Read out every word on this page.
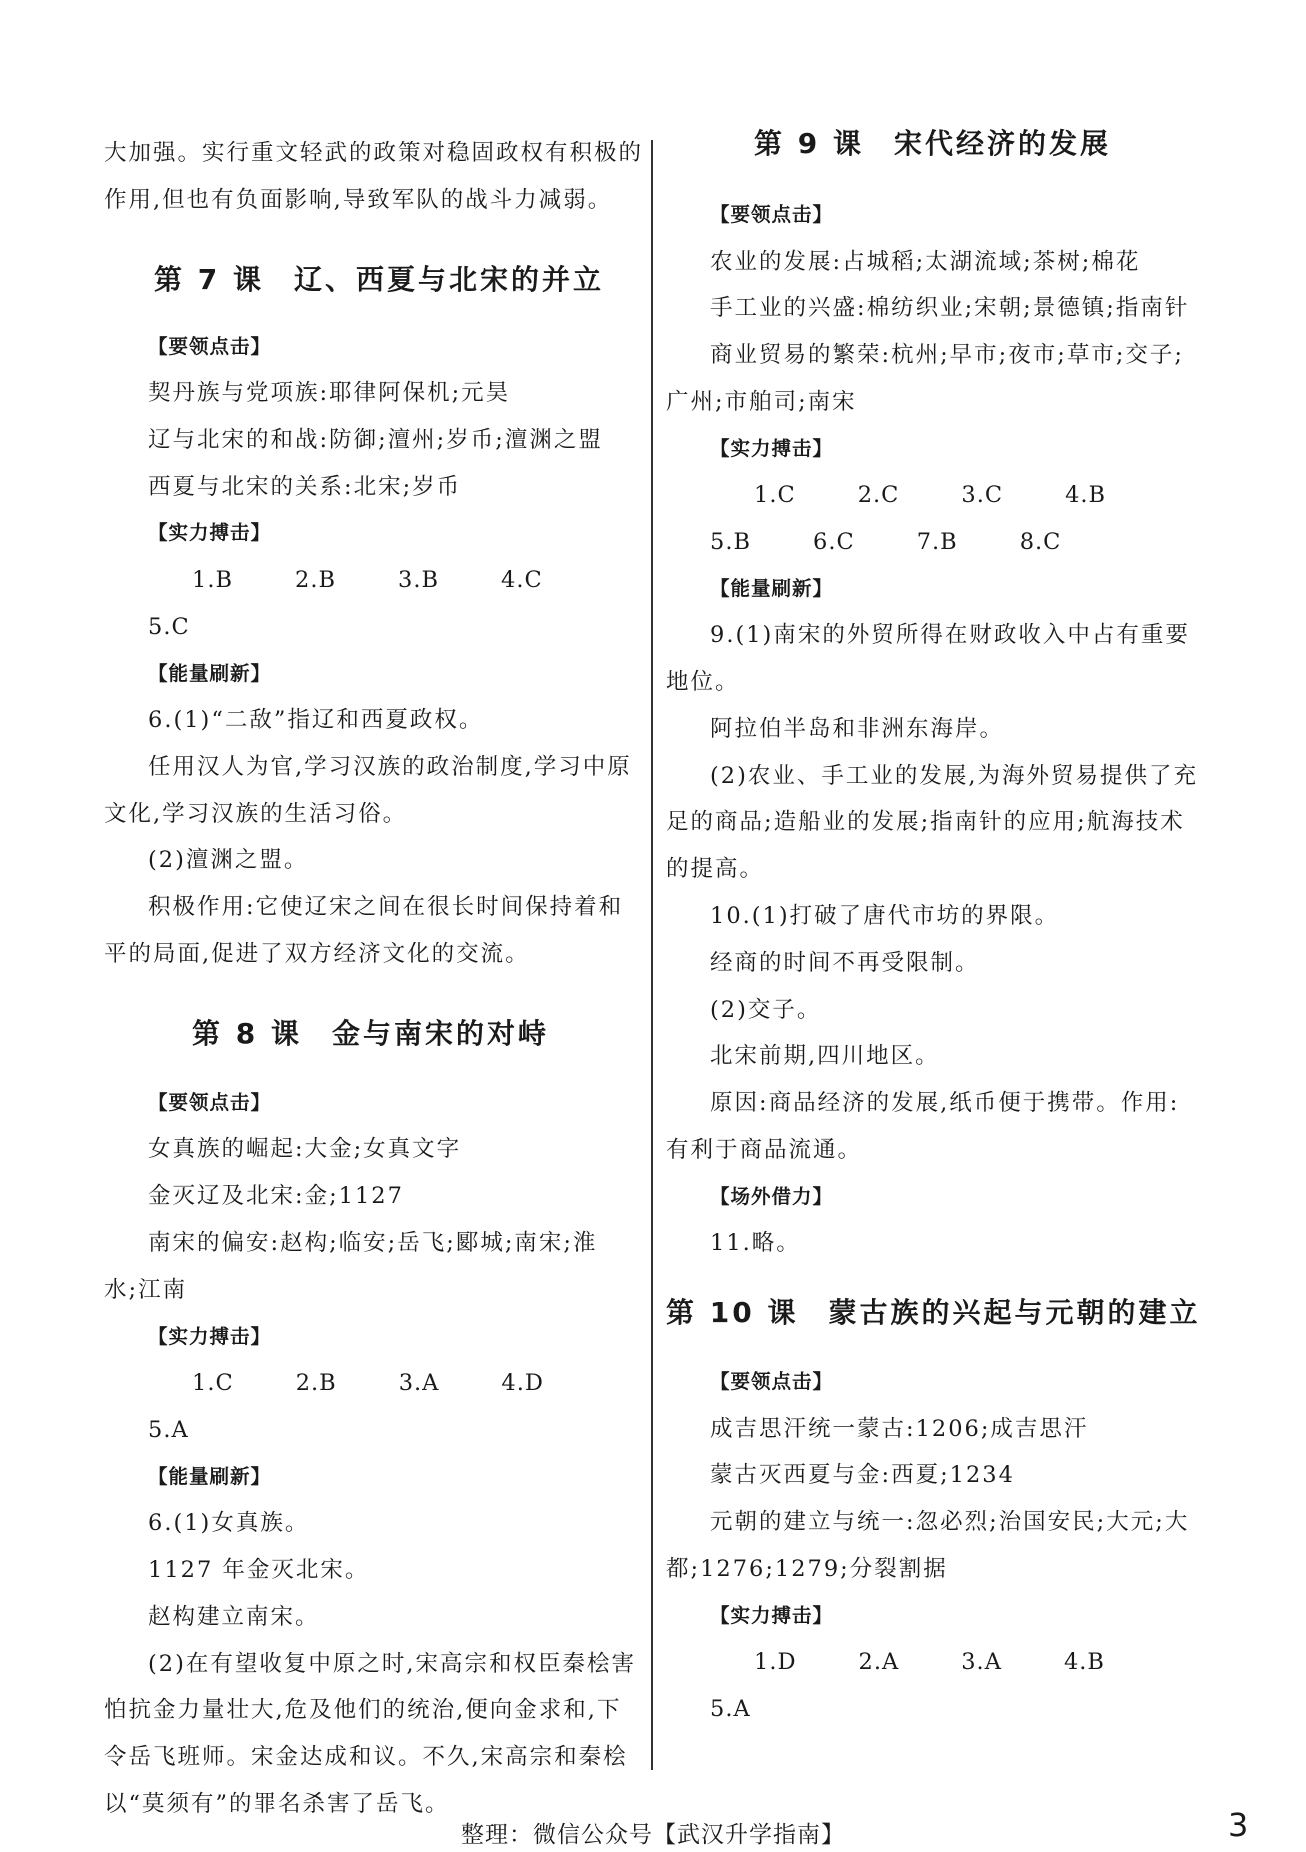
大加强。实行重文轻武的政策对稳固政权有积极的

作用,但也有负面影响,导致军队的战斗力减弱。

第 7 课 辽、西夏与北宋的并立
【要领点击】

契丹族与党项族:耶律阿保机;元昊

辽与北宋的和战:防御;澶州;岁币;澶渊之盟

西夏与北宋的关系:北宋;岁币

【实力搏击】

1.B	2.B	3.B	4.C5.C

【能量刷新】

6.(1)“二敌”指辽和西夏政权。

任用汉人为官,学习汉族的政治制度,学习中原

文化,学习汉族的生活习俗。

(2)澶渊之盟。

积极作用:它使辽宋之间在很长时间保持着和

平的局面,促进了双方经济文化的交流。

第 8 课 金与南宋的对峙
【要领点击】

女真族的崛起:大金;女真文字

金灭辽及北宋:金;1127

南宋的偏安:赵构;临安;岳飞;郾城;南宋;淮

水;江南

【实力搏击】

1.C	2.B	3.A	4.D5.A

【能量刷新】

6.(1)女真族。

1127 年金灭北宋。

赵构建立南宋。

(2)在有望收复中原之时,宋高宗和权臣秦桧害

怕抗金力量壮大,危及他们的统治,便向金求和,下

令岳飞班师。宋金达成和议。不久,宋高宗和秦桧

以“莫须有”的罪名杀害了岳飞。

第 9 课 宋代经济的发展
【要领点击】

农业的发展:占城稻;太湖流域;茶树;棉花

手工业的兴盛:棉纺织业;宋朝;景德镇;指南针

商业贸易的繁荣:杭州;早市;夜市;草市;交子;

广州;市舶司;南宋

【实力搏击】

1.C	2.C	3.C	4.B5.B	6.C	7.B	8.C

【能量刷新】

9.(1)南宋的外贸所得在财政收入中占有重要

地位。

阿拉伯半岛和非洲东海岸。

(2)农业、手工业的发展,为海外贸易提供了充

足的商品;造船业的发展;指南针的应用;航海技术

的提高。

10.(1)打破了唐代市坊的界限。

经商的时间不再受限制。

(2)交子。

北宋前期,四川地区。

原因:商品经济的发展,纸币便于携带。作用:

有利于商品流通。

【场外借力】

11.略。

第 10 课 蒙古族的兴起与元朝的建立
【要领点击】

成吉思汗统一蒙古:1206;成吉思汗

蒙古灭西夏与金:西夏;1234

元朝的建立与统一:忽必烈;治国安民;大元;大

都;1276;1279;分裂割据

【实力搏击】

1.D	2.A	3.A	4.B5.A

整理：微信公众号【武汉升学指南】	3
